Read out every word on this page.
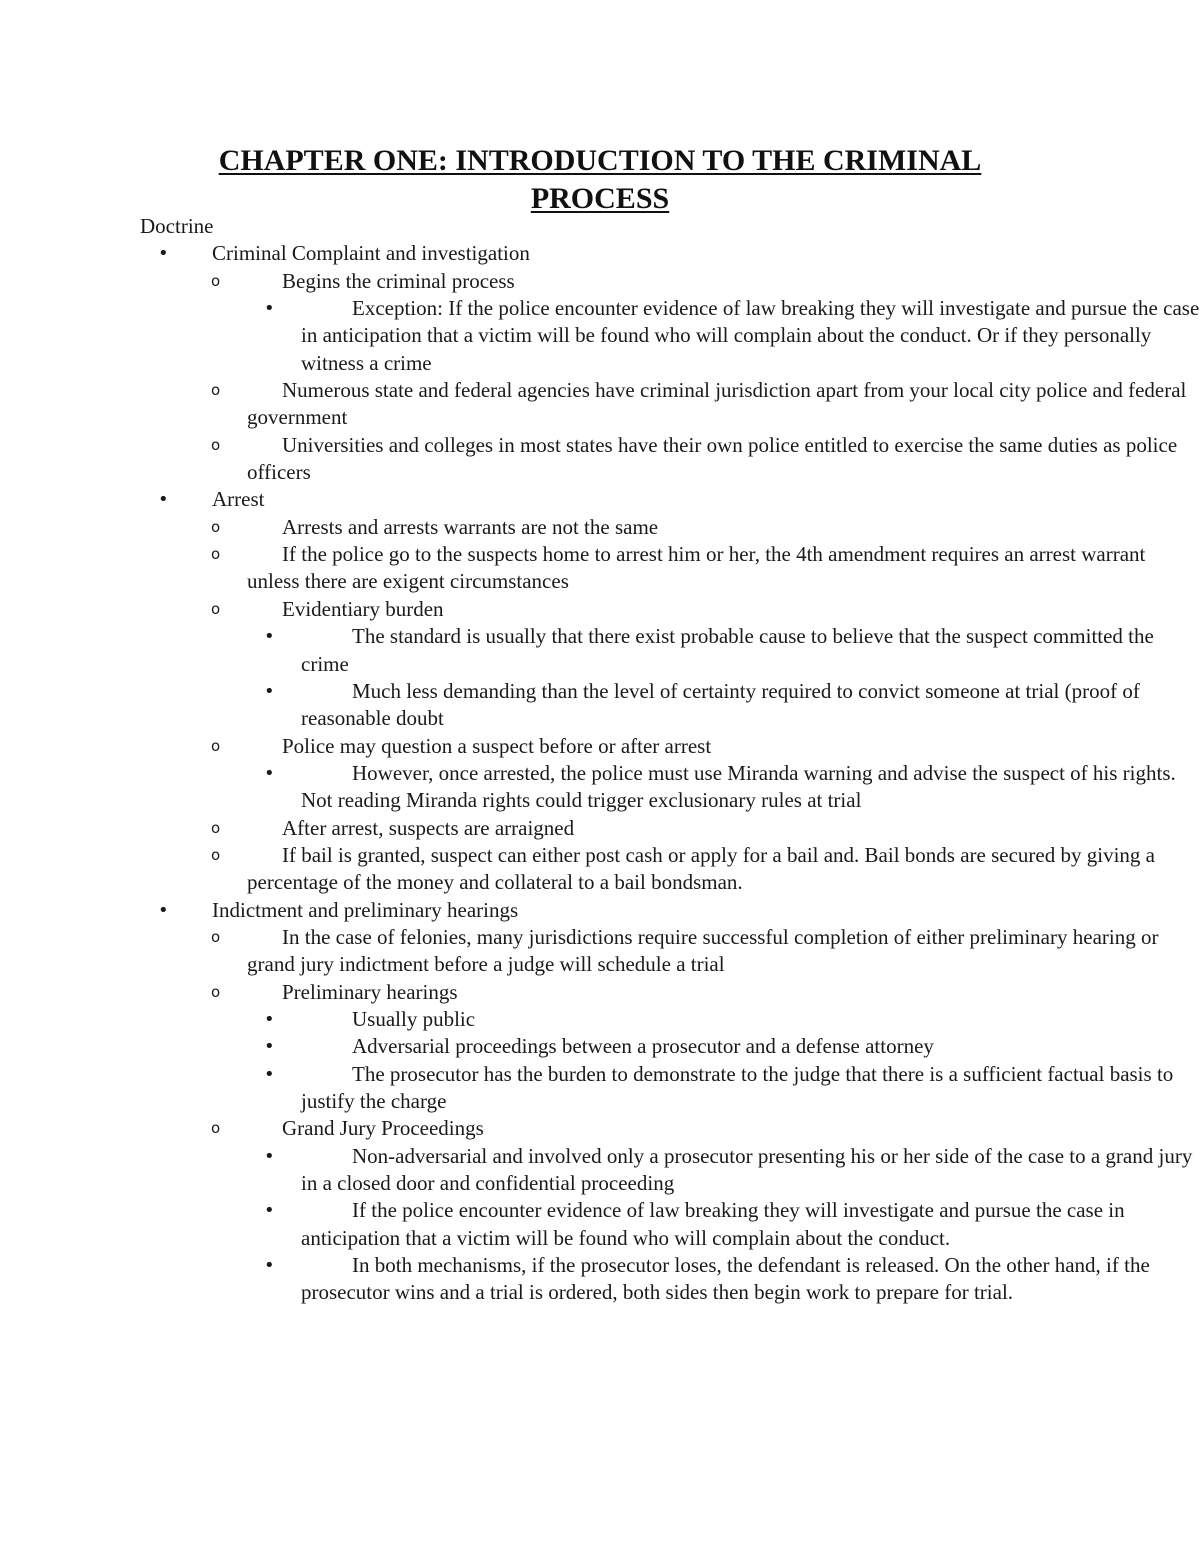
CHAPTER ONE: INTRODUCTION TO THE CRIMINAL PROCESS
Doctrine
• Criminal Complaint and investigation
o	Begins the criminal process
•	Exception: If the police encounter evidence of law breaking they will investigate and pursue the case in anticipation that a victim will be found who will complain about the conduct. Or if they personally witness a crime
o	Numerous state and federal agencies have criminal jurisdiction apart from your local city police and federal government
o	Universities and colleges in most states have their own police entitled to exercise the same duties as police officers
• Arrest
o	Arrests and arrests warrants are not the same
o	If the police go to the suspects home to arrest him or her, the 4th amendment requires an arrest warrant unless there are exigent circumstances
o	Evidentiary burden
•	The standard is usually that there exist probable cause to believe that the suspect committed the crime
•	Much less demanding than the level of certainty required to convict someone at trial (proof of reasonable doubt
o	Police may question a suspect before or after arrest
•	However, once arrested, the police must use Miranda warning and advise the suspect of his rights. Not reading Miranda rights could trigger exclusionary rules at trial
o	After arrest, suspects are arraigned
o	If bail is granted, suspect can either post cash or apply for a bail and. Bail bonds are secured by giving a percentage of the money and collateral to a bail bondsman.
• Indictment and preliminary hearings
o	In the case of felonies, many jurisdictions require successful completion of either preliminary hearing or grand jury indictment before a judge will schedule a trial
o	Preliminary hearings
•	Usually public
•	Adversarial proceedings between a prosecutor and a defense attorney
•	The prosecutor has the burden to demonstrate to the judge that there is a sufficient factual basis to justify the charge
o	Grand Jury Proceedings
•	Non-adversarial and involved only a prosecutor presenting his or her side of the case to a grand jury in a closed door and confidential proceeding
•	If the police encounter evidence of law breaking they will investigate and pursue the case in anticipation that a victim will be found who will complain about the conduct.
•	In both mechanisms, if the prosecutor loses, the defendant is released. On the other hand, if the prosecutor wins and a trial is ordered, both sides then begin work to prepare for trial.
